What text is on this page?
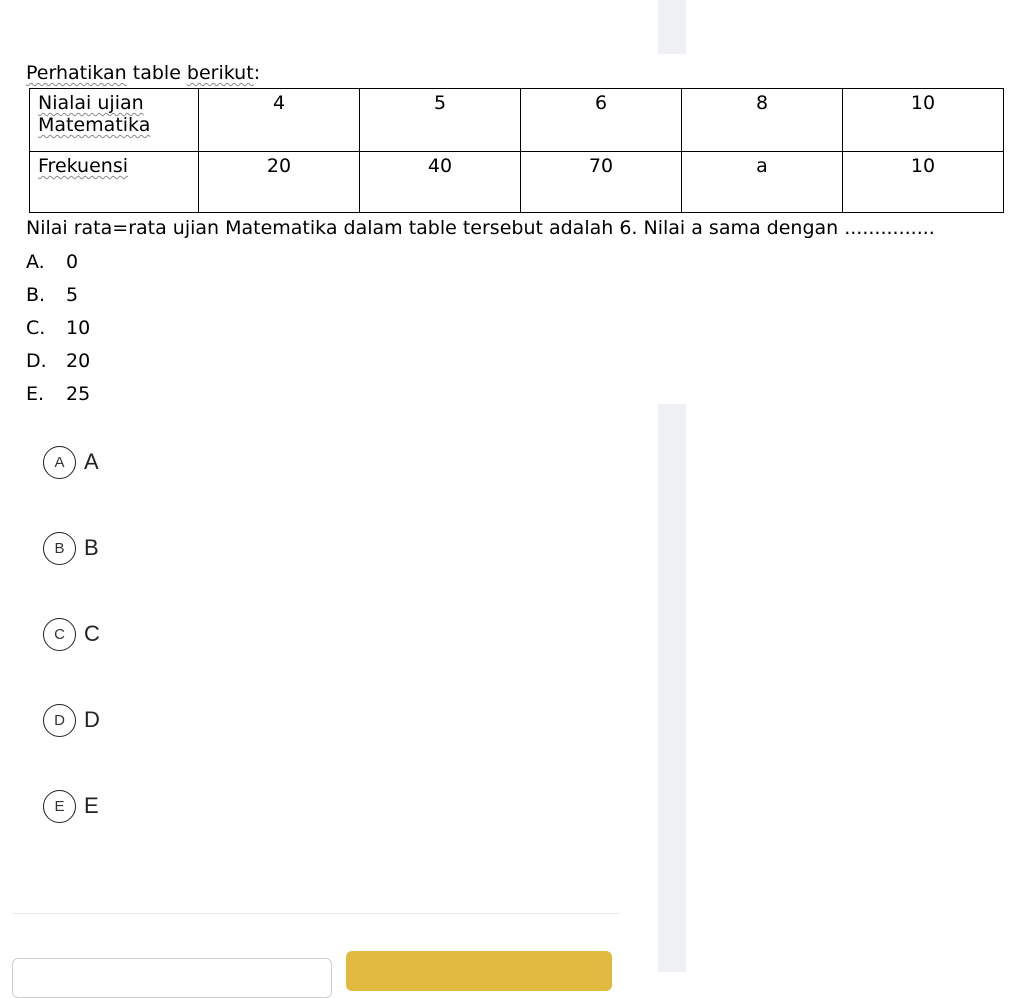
Perhatikan table berikut:
Nialai ujian
Matematika	4	5	6	8	10
Frekuensi	20	40	70	a	10
Nilai rata=rata ujian Matematika dalam table tersebut adalah 6. Nilai a sama dengan ...............
A. 0
B. 5
C. 10
D. 20
E. 25
A A
B B
C C
D D
E E
